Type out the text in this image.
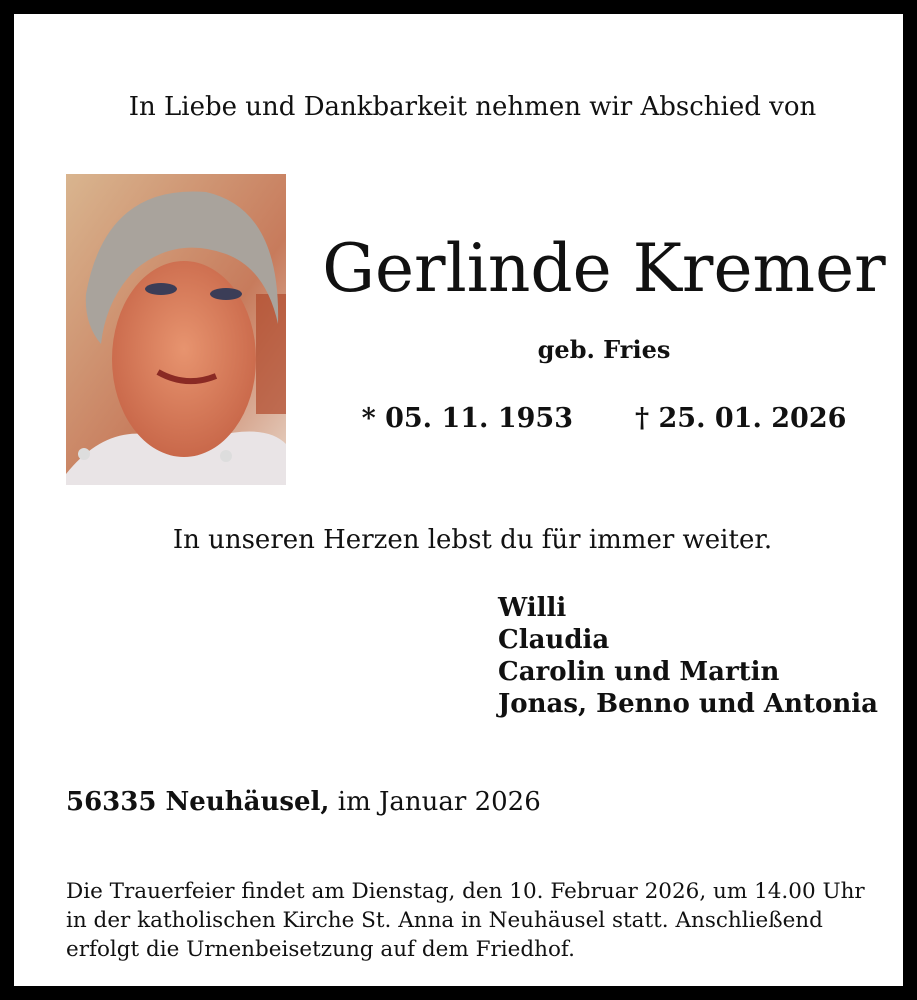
In Liebe und Dankbarkeit nehmen wir Abschied von
Gerlinde Kremer
geb. Fries
* 05. 11. 1953 † 25. 01. 2026
In unseren Herzen lebst du für immer weiter.
Willi
Claudia
Carolin und Martin
Jonas, Benno und Antonia
56335 Neuhäusel, im Januar 2026
Die Trauerfeier findet am Dienstag, den 10. Februar 2026, um 14.00 Uhr
in der katholischen Kirche St. Anna in Neuhäusel statt. Anschließend
erfolgt die Urnenbeisetzung auf dem Friedhof.
